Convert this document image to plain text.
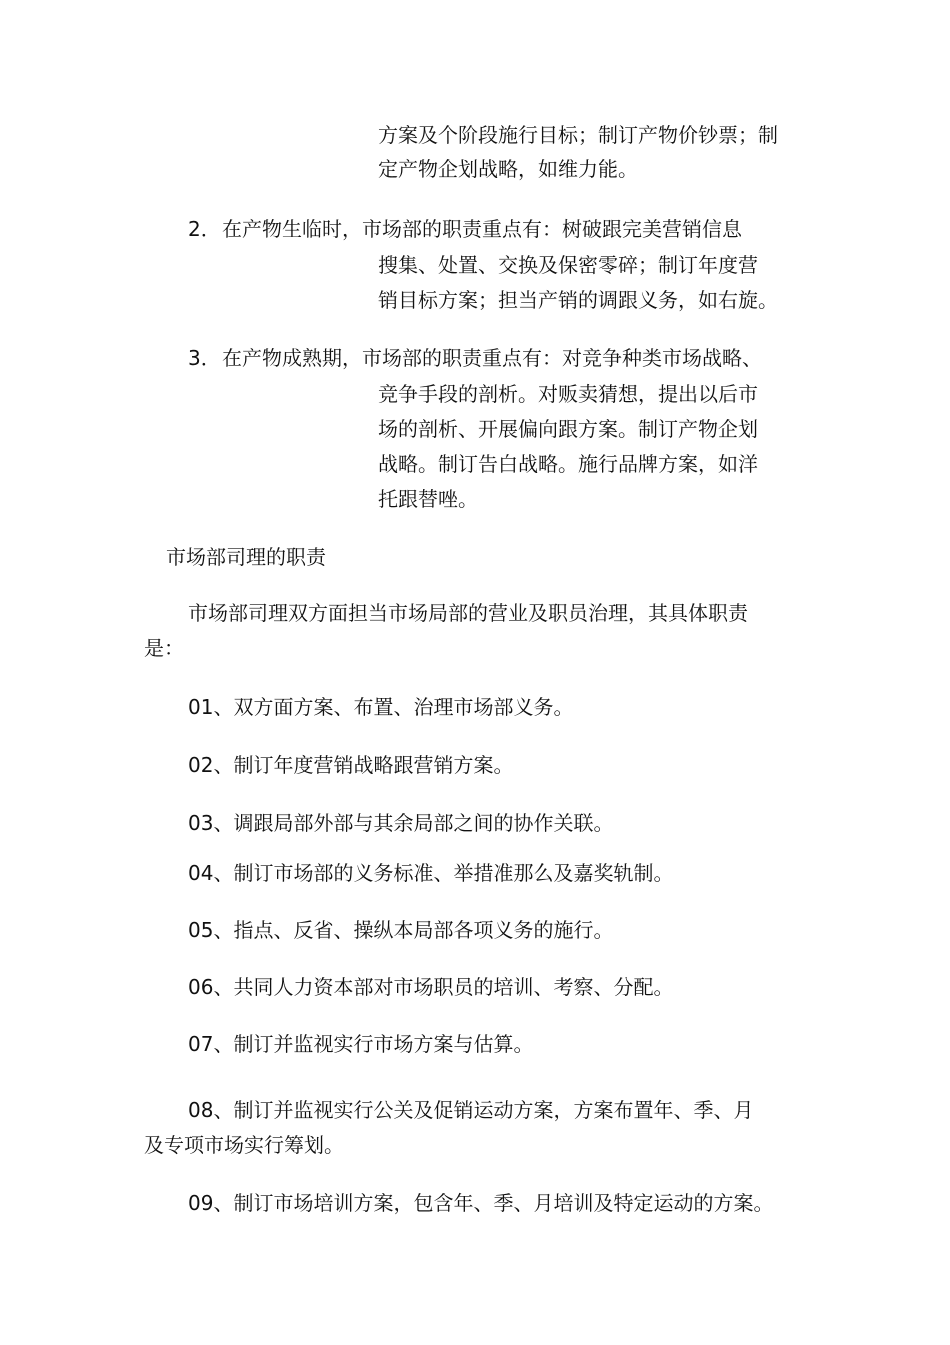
方案及个阶段施行目标；制订产物价钞票；制
定产物企划战略，如维力能。
2． 在产物生临时，市场部的职责重点有：树破跟完美营销信息
搜集、处置、交换及保密零碎；制订年度营
销目标方案；担当产销的调跟义务，如右旋。
3． 在产物成熟期，市场部的职责重点有：对竞争种类市场战略、
竞争手段的剖析。对贩卖猜想，提出以后市
场的剖析、开展偏向跟方案。制订产物企划
战略。制订告白战略。施行品牌方案，如洋
托跟替唑。
市场部司理的职责
市场部司理双方面担当市场局部的营业及职员治理，其具体职责
是：
01、双方面方案、布置、治理市场部义务。
02、制订年度营销战略跟营销方案。
03、调跟局部外部与其余局部之间的协作关联。
04、制订市场部的义务标准、举措准那么及嘉奖轨制。
05、指点、反省、操纵本局部各项义务的施行。
06、共同人力资本部对市场职员的培训、考察、分配。
07、制订并监视实行市场方案与估算。
08、制订并监视实行公关及促销运动方案，方案布置年、季、月
及专项市场实行筹划。
09、制订市场培训方案，包含年、季、月培训及特定运动的方案。
